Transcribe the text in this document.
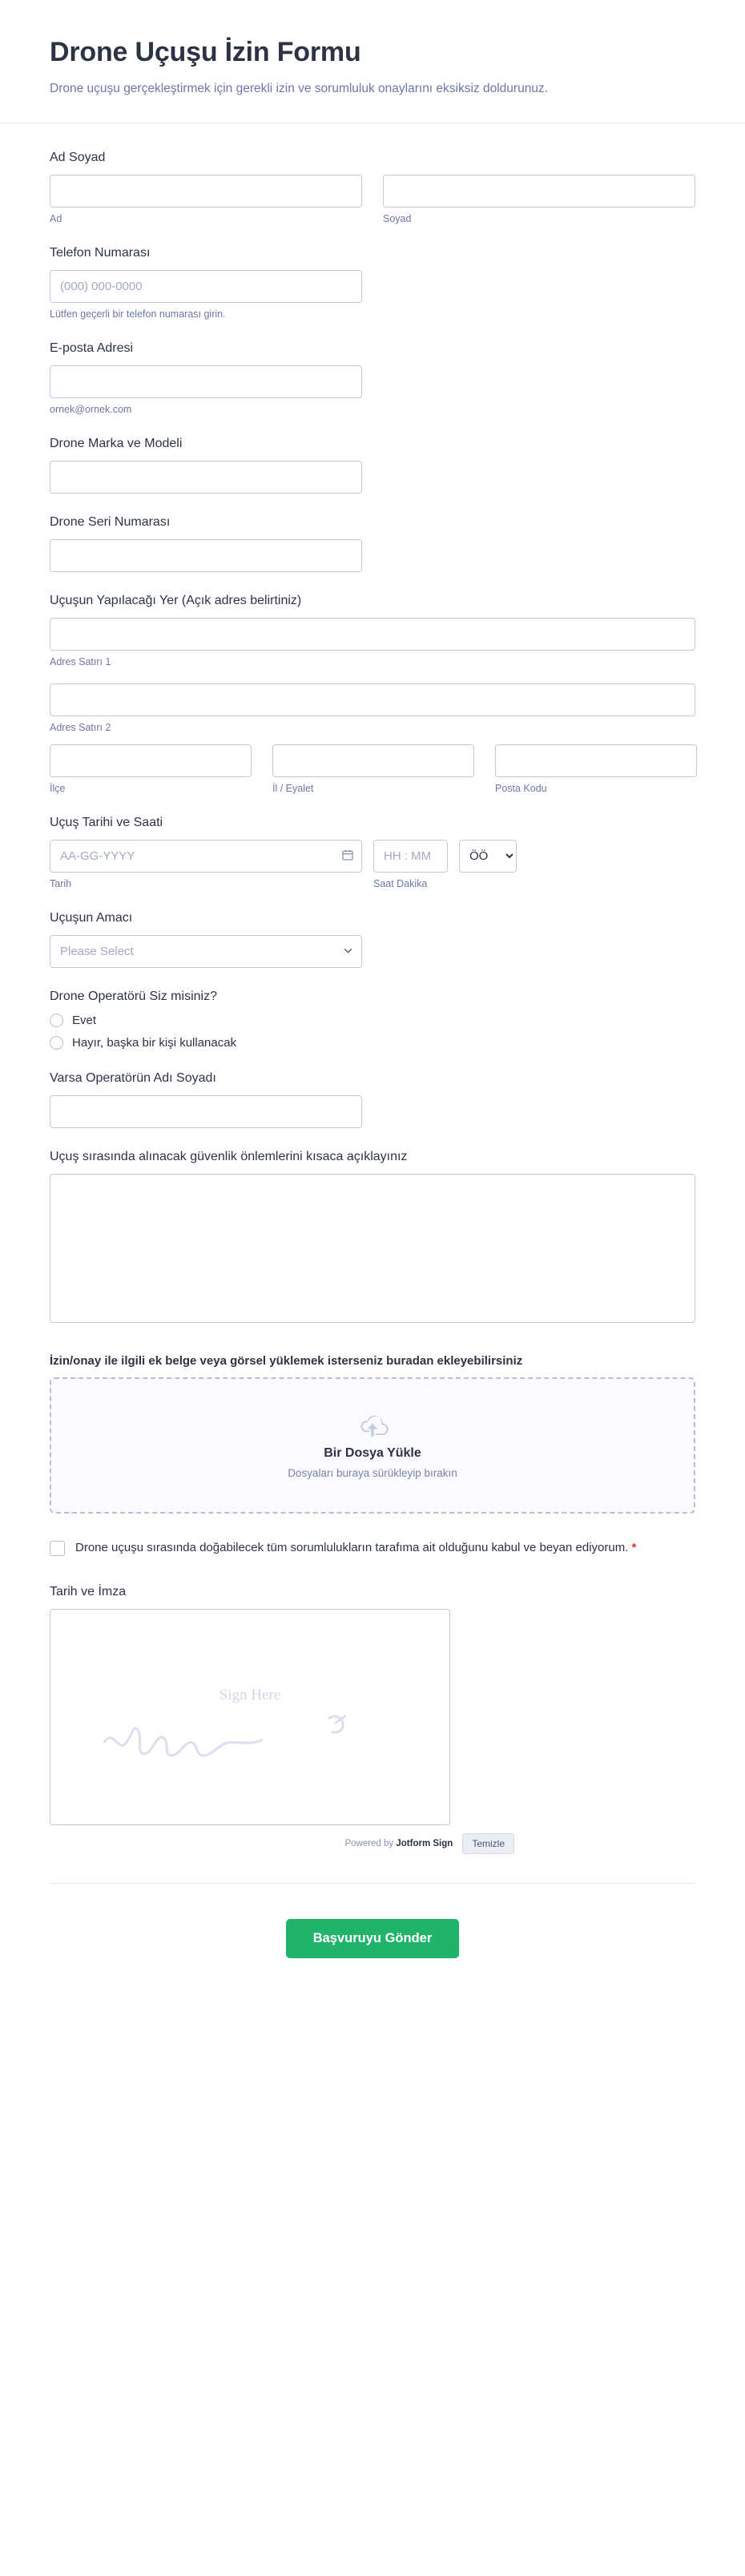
Drone Uçuşu İzin Formu

Drone uçuşu gerçekleştirmek için gerekli izin ve sorumluluk onaylarını eksiksiz doldurunuz.

Ad Soyad
Ad	Soyad
Telefon Numarası
(000) 000-0000
Lütfen geçerli bir telefon numarası girin.
E-posta Adresi
ornek@ornek.com
Drone Marka ve Modeli
Drone Seri Numarası
Uçuşun Yapılacağı Yer (Açık adres belirtiniz)
Adres Satırı 1
Adres Satırı 2
İlçe	İl / Eyalet	Posta Kodu
Uçuş Tarihi ve Saati
AA-GG-YYYY
Tarih
HH : MM	Saat Dakika
ÖÖ
Uçuşun Amacı
Please Select
Drone Operatörü Siz misiniz?
Evet
Hayır, başka bir kişi kullanacak
Varsa Operatörün Adı Soyadı
Uçuş sırasında alınacak güvenlik önlemlerini kısaca açıklayınız
İzin/onay ile ilgili ek belge veya görsel yüklemek isterseniz buradan ekleyebilirsiniz
Bir Dosya Yükle
Dosyaları buraya sürükleyip bırakın
Drone uçuşu sırasında doğabilecek tüm sorumlulukların tarafıma ait olduğunu kabul ve beyan ediyorum. *
Tarih ve İmza
Sign Here
Powered by Jotform Sign	Temizle
Başvuruyu Gönder
